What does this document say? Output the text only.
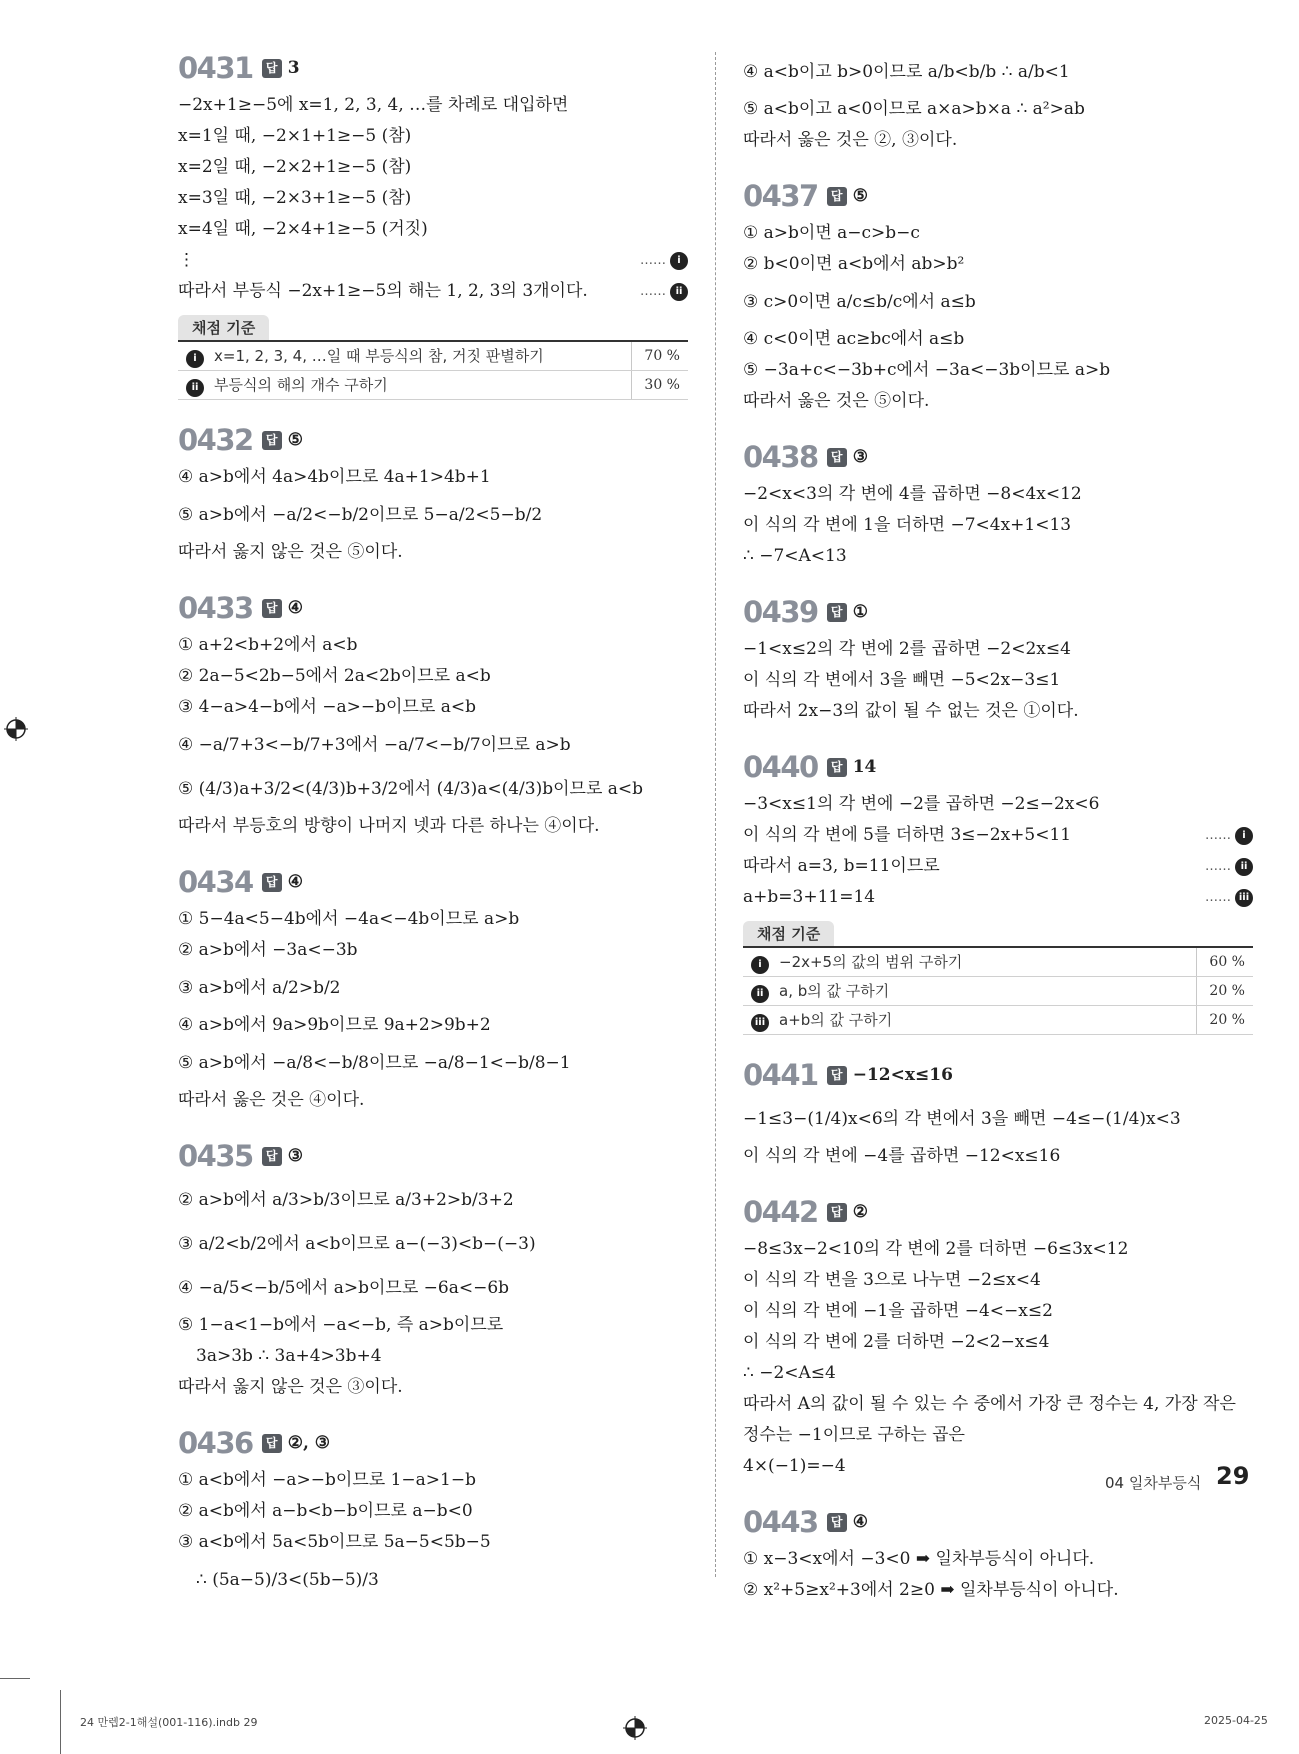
0431	답 3
−2x+1≥−5에 x=1, 2, 3, 4, …를 차례로 대입하면
x=1일 때, −2×1+1≥−5 (참)
x=2일 때, −2×2+1≥−5 (참)
x=3일 때, −2×3+1≥−5 (참)
x=4일 때, −2×4+1≥−5 (거짓)
⋮	……	i
따라서 부등식 −2x+1≥−5의 해는 1, 2, 3의 3개이다.	…… ii
채점 기준
i x=1, 2, 3, 4, …일 때 부등식의 참, 거짓 판별하기	70 %
ii 부등식의 해의 개수 구하기	30 %
0432	답 ⑤
④ a>b에서 4a>4b이므로 4a+1>4b+1
⑤ a>b에서 −a/2<−b/2이므로 5−a/2<5−b/2
따라서 옳지 않은 것은 ⑤이다.
0433	답 ④
① a+2<b+2에서 a<b
② 2a−5<2b−5에서 2a<2b이므로 a<b
③ 4−a>4−b에서 −a>−b이므로 a<b
④ −a/7+3<−b/7+3에서 −a/7<−b/7이므로 a>b
⑤ (4/3)a+3/2<(4/3)b+3/2에서 (4/3)a<(4/3)b이므로 a<b
따라서 부등호의 방향이 나머지 넷과 다른 하나는 ④이다.
0434	답 ④
① 5−4a<5−4b에서 −4a<−4b이므로 a>b
② a>b에서 −3a<−3b
③ a>b에서 a/2>b/2
④ a>b에서 9a>9b이므로 9a+2>9b+2
⑤ a>b에서 −a/8<−b/8이므로 −a/8−1<−b/8−1
따라서 옳은 것은 ④이다.
0435	답 ③
② a>b에서 a/3>b/3이므로 a/3+2>b/3+2
③ a/2<b/2에서 a<b이므로 a−(−3)<b−(−3)
④ −a/5<−b/5에서 a>b이므로 −6a<−6b
⑤ 1−a<1−b에서 −a<−b, 즉 a>b이므로
3a>3b ∴ 3a+4>3b+4
따라서 옳지 않은 것은 ③이다.
0436	답 ②, ③
① a<b에서 −a>−b이므로 1−a>1−b
② a<b에서 a−b<b−b이므로 a−b<0
③ a<b에서 5a<5b이므로 5a−5<5b−5
∴ (5a−5)/3<(5b−5)/3
④ a<b이고 b>0이므로 a/b<b/b ∴ a/b<1
⑤ a<b이고 a<0이므로 a×a>b×a ∴ a²>ab
따라서 옳은 것은 ②, ③이다.
0437	답 ⑤
① a>b이면 a−c>b−c
② b<0이면 a<b에서 ab>b²
③ c>0이면 a/c≤b/c에서 a≤b
④ c<0이면 ac≥bc에서 a≤b
⑤ −3a+c<−3b+c에서 −3a<−3b이므로 a>b
따라서 옳은 것은 ⑤이다.
0438	답 ③
−2<x<3의 각 변에 4를 곱하면 −8<4x<12
이 식의 각 변에 1을 더하면 −7<4x+1<13
∴ −7<A<13
0439	답 ①
−1<x≤2의 각 변에 2를 곱하면 −2<2x≤4
이 식의 각 변에서 3을 빼면 −5<2x−3≤1
따라서 2x−3의 값이 될 수 없는 것은 ①이다.
0440	답 14
−3<x≤1의 각 변에 −2를 곱하면 −2≤−2x<6
이 식의 각 변에 5를 더하면 3≤−2x+5<11	……	i
따라서 a=3, b=11이므로	…… ii
a+b=3+11=14	…… iii
채점 기준
i −2x+5의 값의 범위 구하기	60 %
ii a, b의 값 구하기	20 %
iii a+b의 값 구하기	20 %
0441	답 −12<x≤16
−1≤3−(1/4)x<6의 각 변에서 3을 빼면 −4≤−(1/4)x<3
이 식의 각 변에 −4를 곱하면 −12<x≤16
0442	답 ②
−8≤3x−2<10의 각 변에 2를 더하면 −6≤3x<12
이 식의 각 변을 3으로 나누면 −2≤x<4
이 식의 각 변에 −1을 곱하면 −4<−x≤2
이 식의 각 변에 2를 더하면 −2<2−x≤4
∴ −2<A≤4
따라서 A의 값이 될 수 있는 수 중에서 가장 큰 정수는 4, 가장 작은
정수는 −1이므로 구하는 곱은
4×(−1)=−4
0443	답 ④
① x−3<x에서 −3<0 ➡ 일차부등식이 아니다.
② x²+5≥x²+3에서 2≥0 ➡ 일차부등식이 아니다.
04 일차부등식 29
24 만렙2-1해설(001-116).indb 29	2025-04-25
